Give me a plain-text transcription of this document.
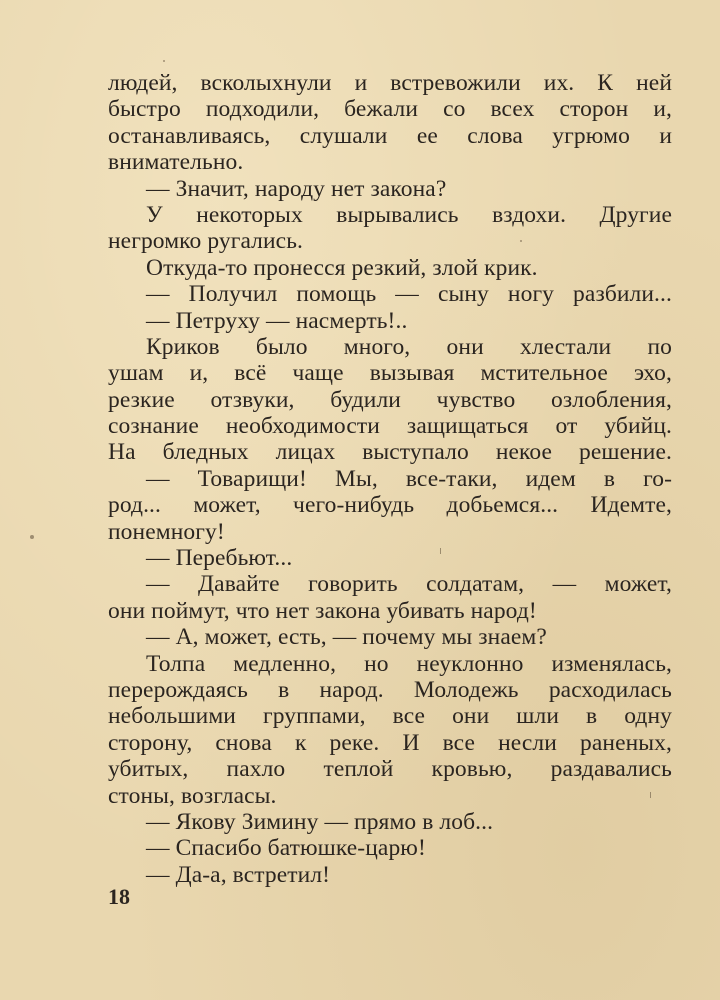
людей, всколыхнули и встревожили их. К ней
быстро подходили, бежали со всех сторон и,
останавливаясь, слушали ее слова угрюмо и
внимательно.
— Значит, народу нет закона?
У некоторых вырывались вздохи. Другие
негромко ругались.
Откуда-то пронесся резкий, злой крик.
— Получил помощь — сыну ногу разбили...
— Петруху — насмерть!..
Криков было много, они хлестали по
ушам и, всё чаще вызывая мстительное эхо,
резкие отзвуки, будили чувство озлобления,
сознание необходимости защищаться от убийц.
На бледных лицах выступало некое решение.
— Товарищи! Мы, все-таки, идем в го-
род... может, чего-нибудь добьемся... Идемте,
понемногу!
— Перебьют...
— Давайте говорить солдатам, — может,
они поймут, что нет закона убивать народ!
— А, может, есть, — почему мы знаем?
Толпа медленно, но неуклонно изменялась,
перерождаясь в народ. Молодежь расходилась
небольшими группами, все они шли в одну
сторону, снова к реке. И все несли раненых,
убитых, пахло теплой кровью, раздавались
стоны, возгласы.
— Якову Зимину — прямо в лоб...
— Спасибо батюшке-царю!
— Да-а, встретил!
18
